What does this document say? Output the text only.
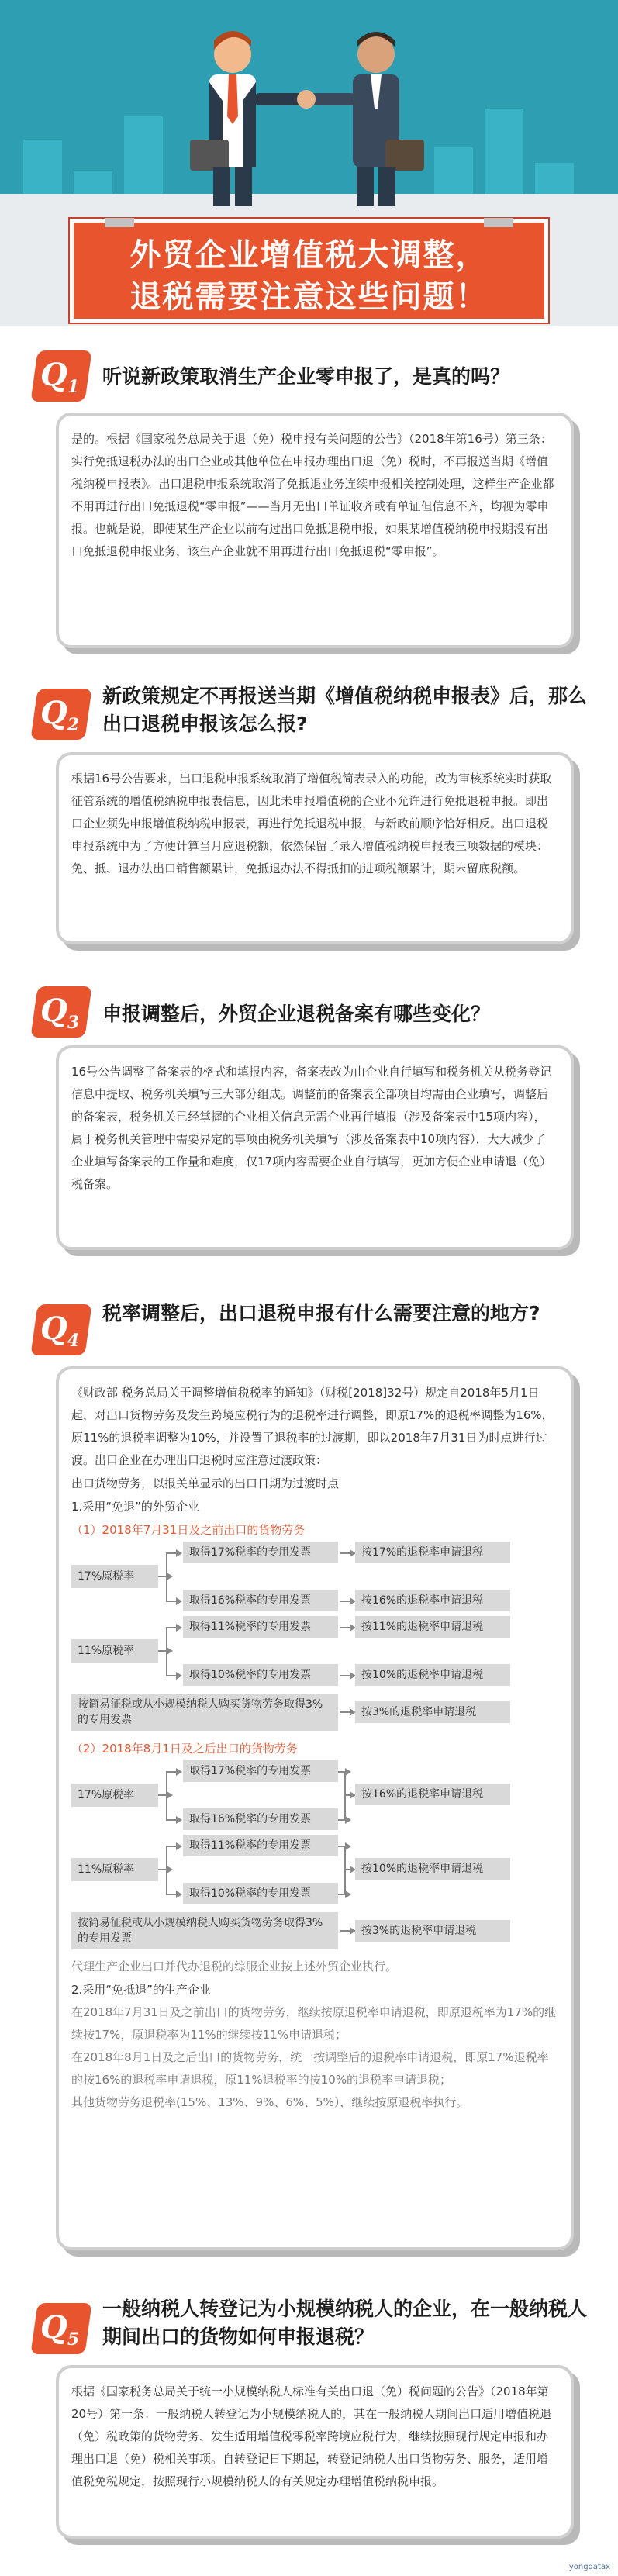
外贸企业增值税大调整，
退税需要注意这些问题！
$Q_1$	听说新政策取消生产企业零申报了，是真的吗？
是的。根据《国家税务总局关于退（免）税申报有关问题的公告》（2018年第16号）第三条：实行免抵退税办法的出口企业或其他单位在申报办理出口退（免）税时，不再报送当期《增值税纳税申报表》。出口退税申报系统取消了免抵退业务连续申报相关控制处理，这样生产企业都不用再进行出口免抵退税“零申报”——当月无出口单证收齐或有单证但信息不齐，均视为零申报。也就是说，即使某生产企业以前有过出口免抵退税申报，如果某增值税纳税申报期没有出口免抵退税申报业务，该生产企业就不用再进行出口免抵退税“零申报”。
$Q_2$
新政策规定不再报送当期《增值税纳税申报表》后，那么出口退税申报该怎么报?
根据16号公告要求，出口退税申报系统取消了增值税简表录入的功能，改为审核系统实时获取征管系统的增值税纳税申报表信息，因此未申报增值税的企业不允许进行免抵退税申报。即出口企业须先申报增值税纳税申报表，再进行免抵退税申报，与新政前顺序恰好相反。出口退税申报系统中为了方便计算当月应退税额，依然保留了录入增值税纳税申报表三项数据的模块：免、抵、退办法出口销售额累计，免抵退办法不得抵扣的进项税额累计，期末留底税额。
$Q_3$	申报调整后，外贸企业退税备案有哪些变化？
16号公告调整了备案表的格式和填报内容，备案表改为由企业自行填写和税务机关从税务登记信息中提取、税务机关填写三大部分组成。调整前的备案表全部项目均需由企业填写，调整后的备案表，税务机关已经掌握的企业相关信息无需企业再行填报（涉及备案表中15项内容），属于税务机关管理中需要界定的事项由税务机关填写（涉及备案表中10项内容），大大减少了企业填写备案表的工作量和难度，仅17项内容需要企业自行填写，更加方便企业申请退（免）税备案。
$Q_4$
税率调整后，出口退税申报有什么需要注意的地方?
《财政部 税务总局关于调整增值税税率的通知》（财税[2018]32号）规定自2018年5月1日起，对出口货物劳务及发生跨境应税行为的退税率进行调整，即原17%的退税率调整为16%，原11%的退税率调整为10%，并设置了退税率的过渡期，即以2018年7月31日为时点进行过渡。出口企业在办理出口退税时应注意过渡政策：
出口货物劳务，以报关单显示的出口日期为过渡时点
1.采用“免退”的外贸企业
（1）2018年7月31日及之前出口的货物劳务
17%原税率
取得17%税率的专用发票
取得16%税率的专用发票
按17%的退税率申请退税
按16%的退税率申请退税
11%原税率
取得11%税率的专用发票
取得10%税率的专用发票
按11%的退税率申请退税
按10%的退税率申请退税
按简易征税或从小规模纳税人购买货物劳务取得3%的专用发票
按3%的退税率申请退税
（2）2018年8月1日及之后出口的货物劳务
17%原税率
取得17%税率的专用发票
取得16%税率的专用发票
按16%的退税率申请退税
11%原税率
取得11%税率的专用发票
取得10%税率的专用发票
按10%的退税率申请退税
按简易征税或从小规模纳税人购买货物劳务取得3%的专用发票
按3%的退税率申请退税
代理生产企业出口并代办退税的综服企业按上述外贸企业执行。
2.采用“免抵退”的生产企业
在2018年7月31日及之前出口的货物劳务，继续按原退税率申请退税，即原退税率为17%的继续按17%，原退税率为11%的继续按11%申请退税；
在2018年8月1日及之后出口的货物劳务，统一按调整后的退税率申请退税，即原17%退税率的按16%的退税率申请退税，原11%退税率的按10%的退税率申请退税；
其他货物劳务退税率(15%、13%、9%、6%、5%），继续按原退税率执行。
$Q_5$
一般纳税人转登记为小规模纳税人的企业，在一般纳税人期间出口的货物如何申报退税？
根据《国家税务总局关于统一小规模纳税人标准有关出口退（免）税问题的公告》（2018年第20号）第一条：一般纳税人转登记为小规模纳税人的，其在一般纳税人期间出口适用增值税退（免）税政策的货物劳务、发生适用增值税零税率跨境应税行为，继续按照现行规定申报和办理出口退（免）税相关事项。自转登记日下期起，转登记纳税人出口货物劳务、服务，适用增值税免税规定，按照现行小规模纳税人的有关规定办理增值税纳税申报。
yongdatax
